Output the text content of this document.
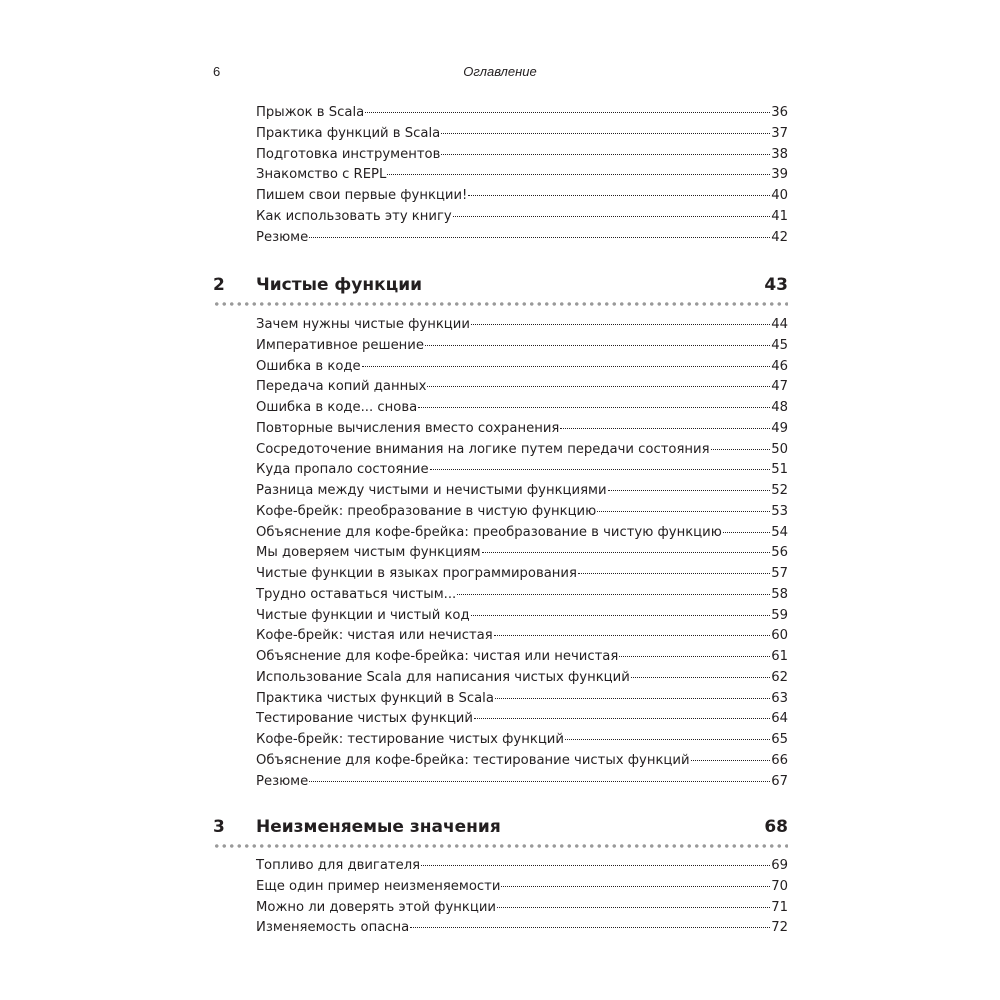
6	Оглавление
Прыжок в Scala	36
Практика функций в Scala	37
Подготовка инструментов	38
Знакомство с REPL	39
Пишем свои первые функции!	40
Как использовать эту книгу	41
Резюме	42
2	Чистые функции	43
Зачем нужны чистые функции	44
Императивное решение	45
Ошибка в коде	46
Передача копий данных	47
Ошибка в коде... снова	48
Повторные вычисления вместо сохранения	49
Сосредоточение внимания на логике путем передачи состояния	50
Куда пропало состояние	51
Разница между чистыми и нечистыми функциями	52
Кофе-брейк: преобразование в чистую функцию	53
Объяснение для кофе-брейка: преобразование в чистую функцию	54
Мы доверяем чистым функциям	56
Чистые функции в языках программирования	57
Трудно оставаться чистым...	58
Чистые функции и чистый код	59
Кофе-брейк: чистая или нечистая	60
Объяснение для кофе-брейка: чистая или нечистая	61
Использование Scala для написания чистых функций	62
Практика чистых функций в Scala	63
Тестирование чистых функций	64
Кофе-брейк: тестирование чистых функций	65
Объяснение для кофе-брейка: тестирование чистых функций	66
Резюме	67
3	Неизменяемые значения	68
Топливо для двигателя	69
Еще один пример неизменяемости	70
Можно ли доверять этой функции	71
Изменяемость опасна	72
